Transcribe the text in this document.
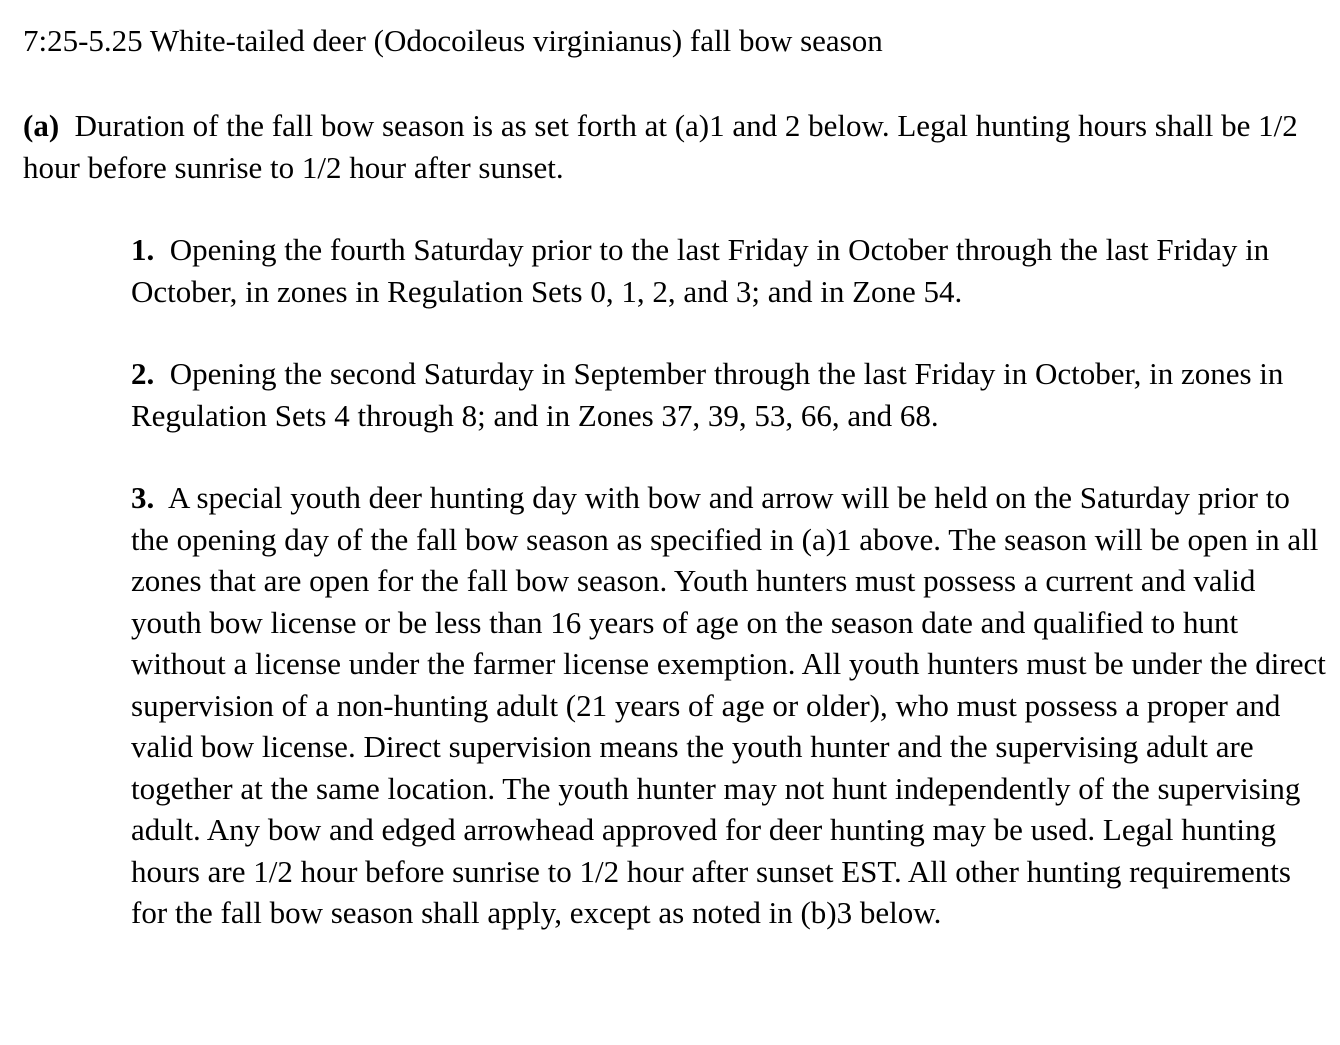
7:25-5.25 White-tailed deer (Odocoileus virginianus) fall bow season

(a) Duration of the fall bow season is as set forth at (a)1 and 2 below. Legal hunting hours shall be 1/2 hour before sunrise to 1/2 hour after sunset.

1. Opening the fourth Saturday prior to the last Friday in October through the last Friday in October, in zones in Regulation Sets 0, 1, 2, and 3; and in Zone 54.

2. Opening the second Saturday in September through the last Friday in October, in zones in Regulation Sets 4 through 8; and in Zones 37, 39, 53, 66, and 68.

3. A special youth deer hunting day with bow and arrow will be held on the Saturday prior to the opening day of the fall bow season as specified in (a)1 above. The season will be open in all zones that are open for the fall bow season. Youth hunters must possess a current and valid youth bow license or be less than 16 years of age on the season date and qualified to hunt without a license under the farmer license exemption. All youth hunters must be under the direct supervision of a non-hunting adult (21 years of age or older), who must possess a proper and valid bow license. Direct supervision means the youth hunter and the supervising adult are together at the same location. The youth hunter may not hunt independently of the supervising adult. Any bow and edged arrowhead approved for deer hunting may be used. Legal hunting hours are 1/2 hour before sunrise to 1/2 hour after sunset EST. All other hunting requirements for the fall bow season shall apply, except as noted in (b)3 below.
